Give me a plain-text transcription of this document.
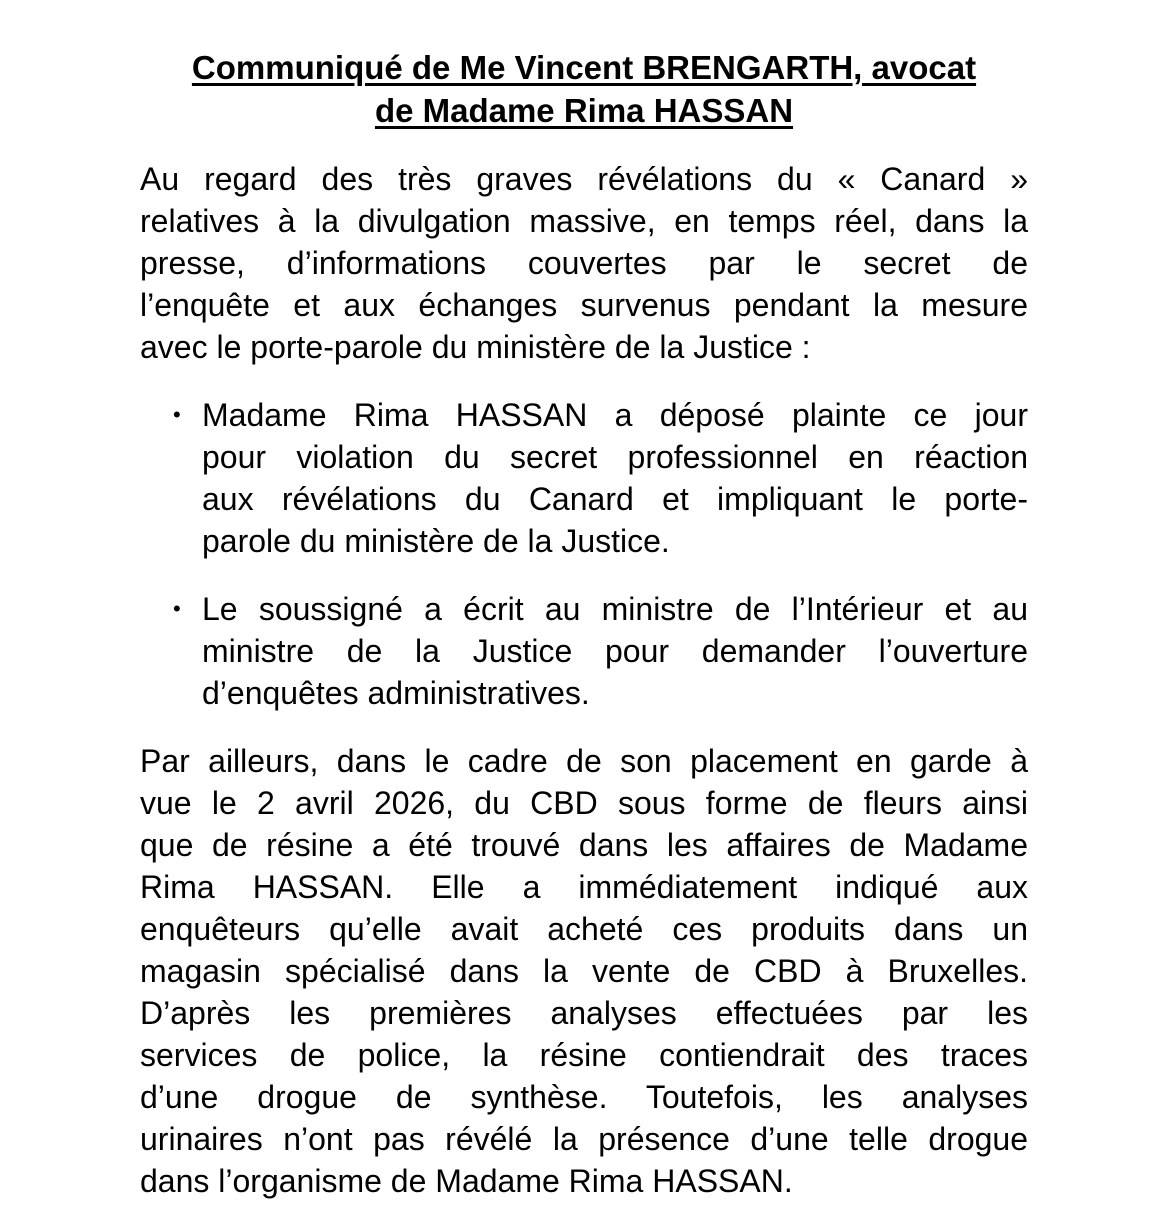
Communiqué de Me Vincent BRENGARTH, avocat
de Madame Rima HASSAN
Au regard des très graves révélations du « Canard »
relatives à la divulgation massive, en temps réel, dans la
presse, d’informations couvertes par le secret de
l’enquête et aux échanges survenus pendant la mesure
avec le porte-parole du ministère de la Justice :
•
Madame Rima HASSAN a déposé plainte ce jour
pour violation du secret professionnel en réaction
aux révélations du Canard et impliquant le porte-
parole du ministère de la Justice.
•
Le soussigné a écrit au ministre de l’Intérieur et au
ministre de la Justice pour demander l’ouverture
d’enquêtes administratives.
Par ailleurs, dans le cadre de son placement en garde à
vue le 2 avril 2026, du CBD sous forme de fleurs ainsi
que de résine a été trouvé dans les affaires de Madame
Rima HASSAN. Elle a immédiatement indiqué aux
enquêteurs qu’elle avait acheté ces produits dans un
magasin spécialisé dans la vente de CBD à Bruxelles.
D’après les premières analyses effectuées par les
services de police, la résine contiendrait des traces
d’une drogue de synthèse. Toutefois, les analyses
urinaires n’ont pas révélé la présence d’une telle drogue
dans l’organisme de Madame Rima HASSAN.
